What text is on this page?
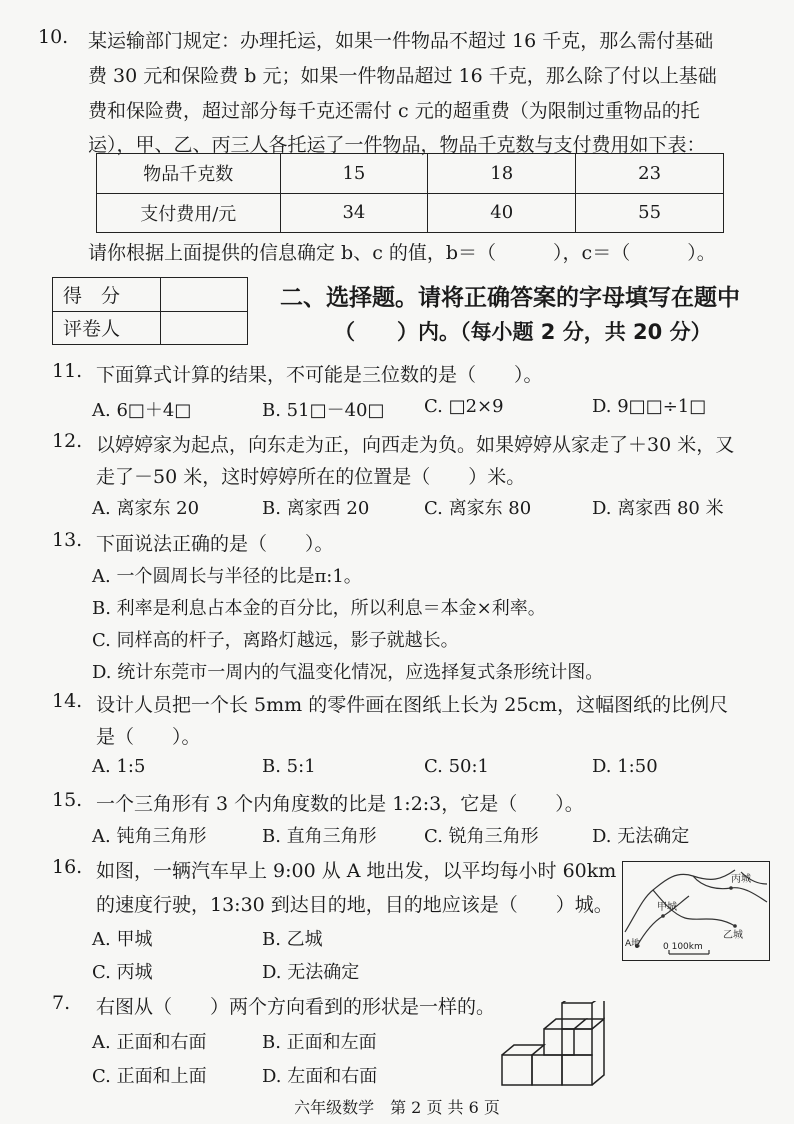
10. 某运输部门规定：办理托运，如果一件物品不超过 16 千克，那么需付基础
费 30 元和保险费 b 元；如果一件物品超过 16 千克，那么除了付以上基础
费和保险费，超过部分每千克还需付 c 元的超重费（为限制过重物品的托
运），甲、乙、丙三人各托运了一件物品，物品千克数与支付费用如下表：
物品千克数	15	18	23
支付费用/元	34	40	55
请你根据上面提供的信息确定 b、c 的值，b＝（　　　），c＝（　　　）。
得　分	
评卷人	
二、选择题。请将正确答案的字母填写在题中
（　　）内。（每小题 2 分，共 20 分）
11. 下面算式计算的结果，不可能是三位数的是（　　）。
A. 6□＋4□	B. 51□－40□ C. □2×9	D. 9□□÷1□
12. 以婷婷家为起点，向东走为正，向西走为负。如果婷婷从家走了＋30 米，又
走了－50 米，这时婷婷所在的位置是（　　）米。
A. 离家东 20	B. 离家西 20	C. 离家东 80	D. 离家西 80 米
13. 下面说法正确的是（　　）。
A. 一个圆周长与半径的比是π:1。
B. 利率是利息占本金的百分比，所以利息＝本金×利率。
C. 同样高的杆子，离路灯越远，影子就越长。
D. 统计东莞市一周内的气温变化情况，应选择复式条形统计图。
14. 设计人员把一个长 5mm 的零件画在图纸上长为 25cm，这幅图纸的比例尺
是（　　）。
A. 1:5	B. 5:1	C. 50:1	D. 1:50
15. 一个三角形有 3 个内角度数的比是 1:2:3，它是（　　）。
A. 钝角三角形	B. 直角三角形	C. 锐角三角形	D. 无法确定
16. 如图，一辆汽车早上 9:00 从 A 地出发，以平均每小时 60km
的速度行驶，13:30 到达目的地，目的地应该是（　　）城。
A. 甲城	B. 乙城
C. 丙城	D. 无法确定
丙城
甲城
乙城
A地	0 100km
7. 右图从（　　）两个方向看到的形状是一样的。
A. 正面和右面	B. 正面和左面
C. 正面和上面	D. 左面和右面
六年级数学　第 2 页 共 6 页
